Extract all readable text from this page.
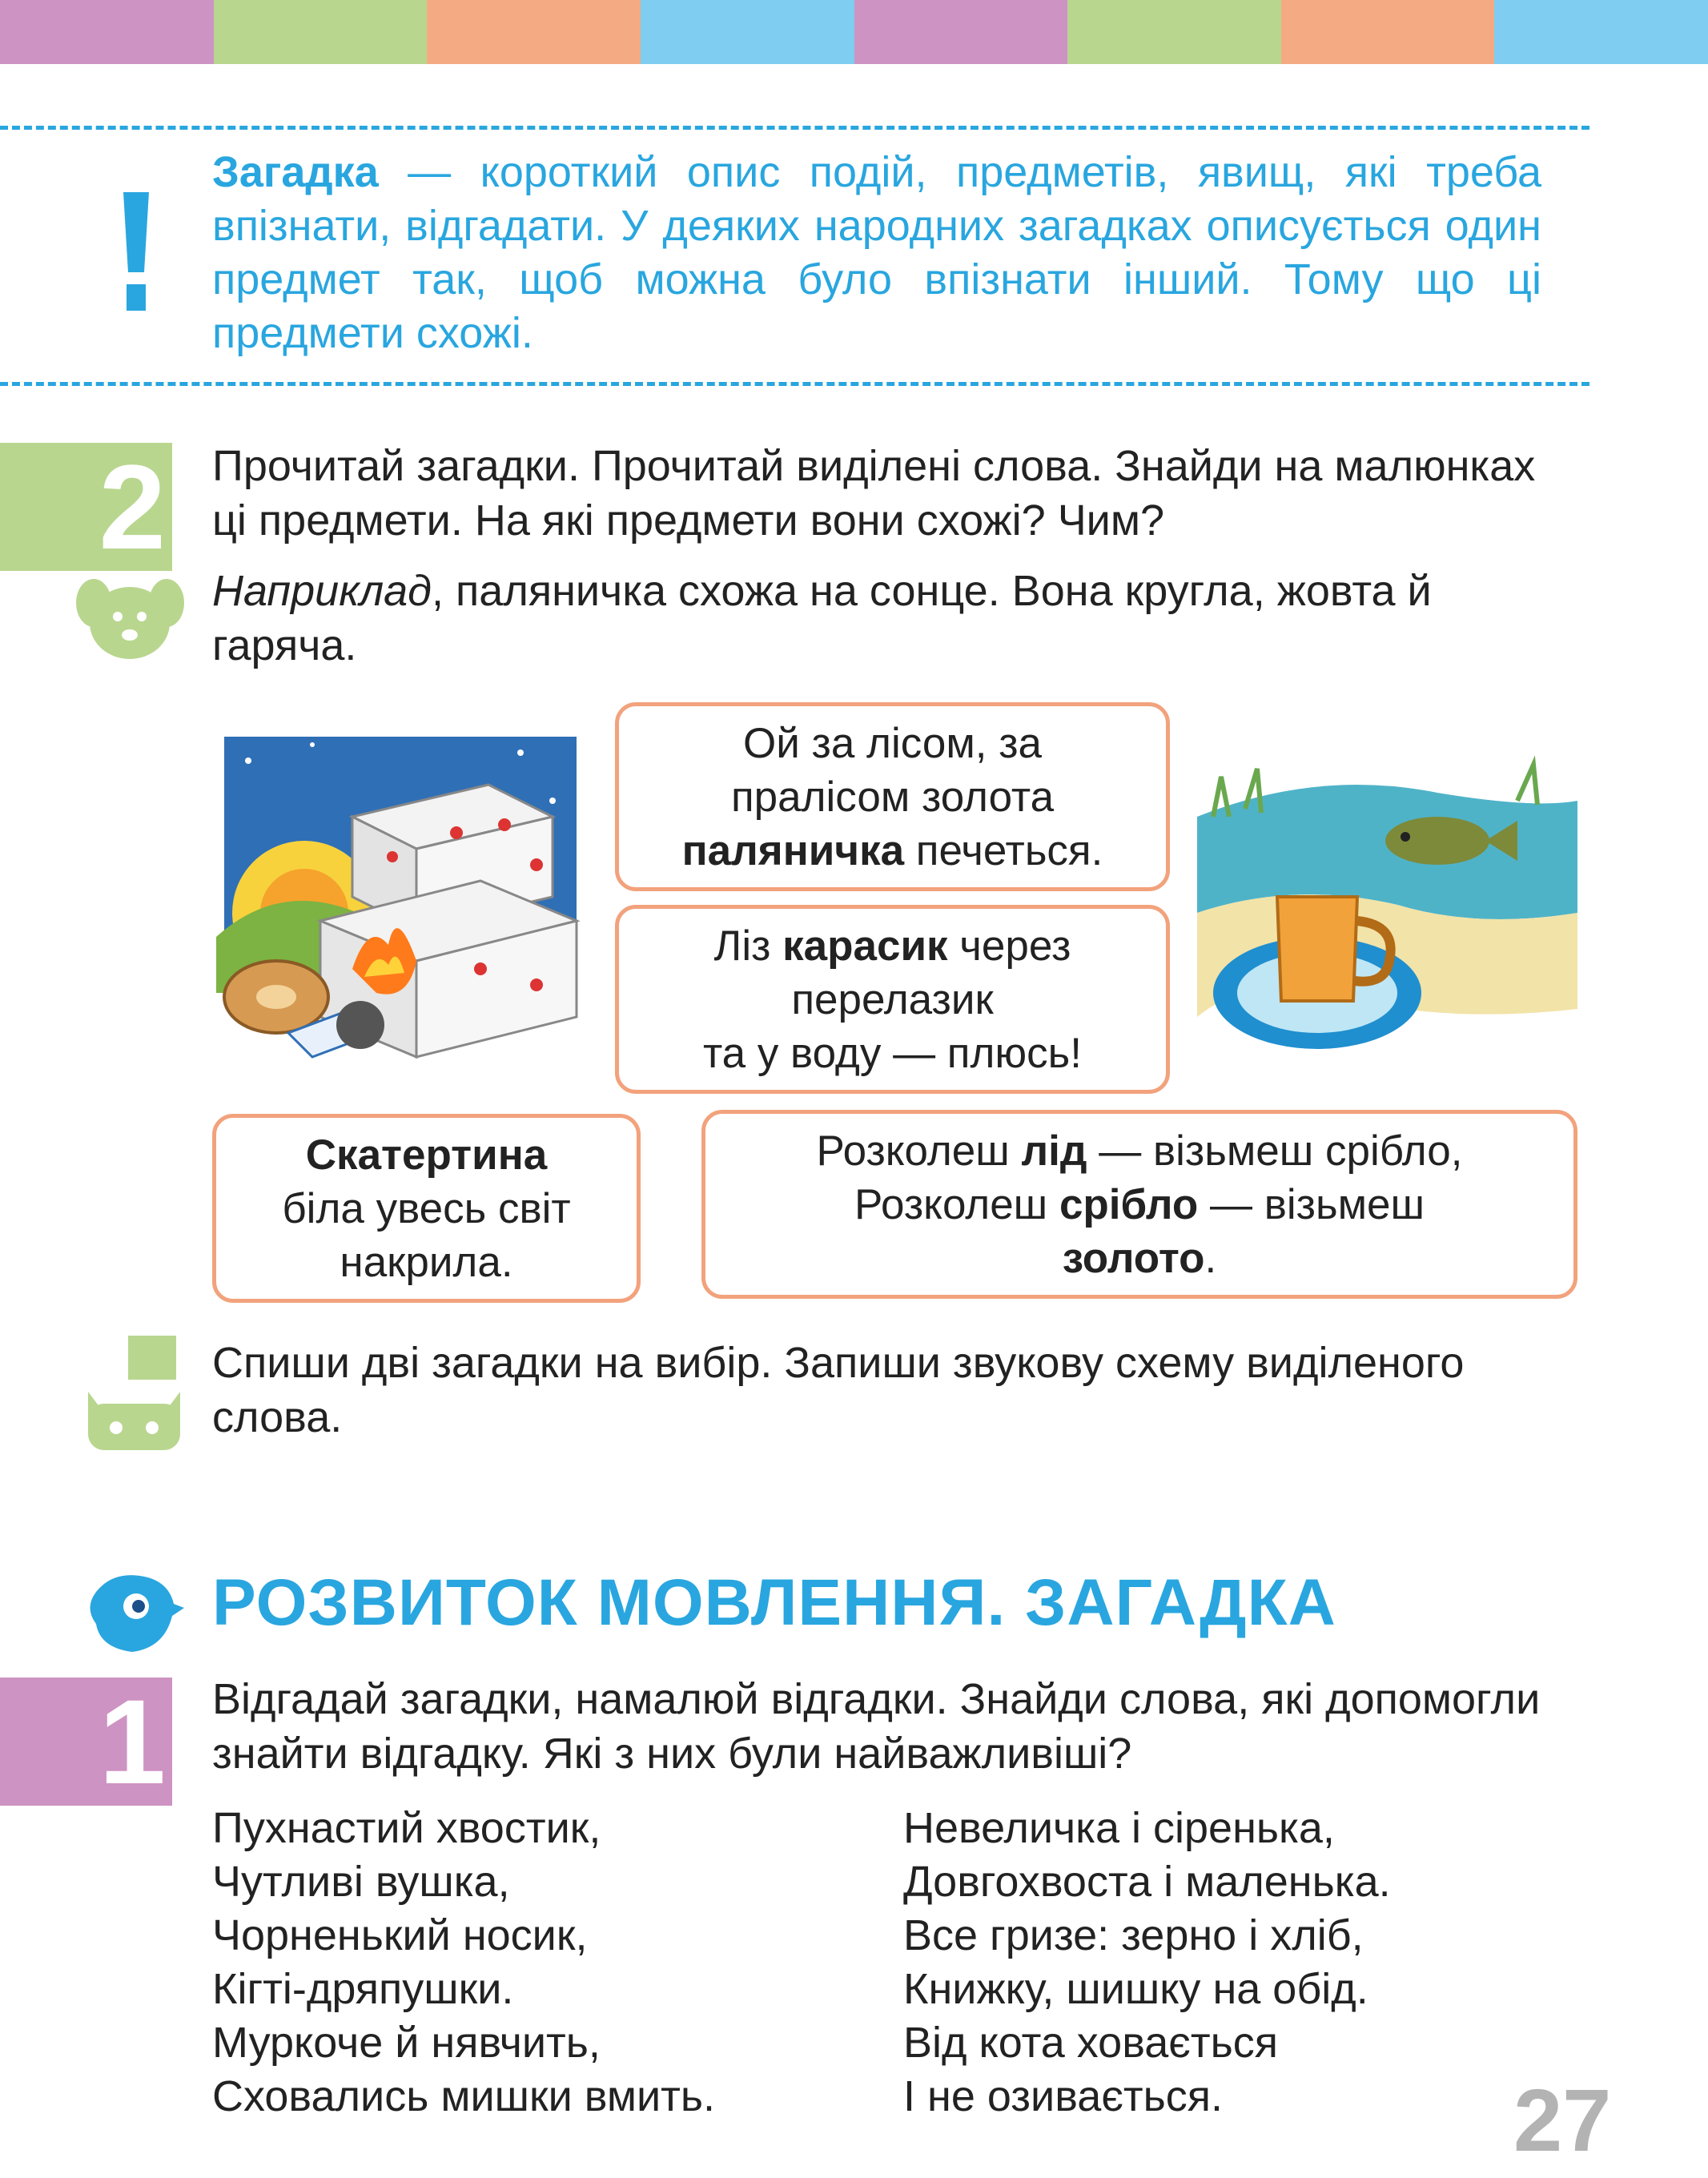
Загадка — короткий опис подій, предметів, явищ, які треба впізнати, відгадати. У деяких народних загадках описується один предмет так, щоб можна було впізнати інший. Тому що ці предмети схожі.

2 Прочитай загадки. Прочитай виділені слова. Знайди на малюнках ці предмети. На які предмети вони схожі? Чим?

Наприклад, паляничка схожа на сонце. Вона кругла, жовта й гаряча.

Ой за лісом, за пралісом золота
паляничка печеться.
Ліз карасик через перелазик
та у воду — плюсь!
Скатертина
біла увесь світ накрила.
Розколеш лід — візьмеш срібло,
Розколеш срібло — візьмеш
золото.

Спиши дві загадки на вибір. Запиши звукову схему виділеного слова.

РОЗВИТОК МОВЛЕННЯ. ЗАГАДКА
1 Відгадай загадки, намалюй відгадки. Знайди слова, які допомогли знайти відгадку. Які з них були найважливіші?

Пухнастий хвостик,
Чутливі вушка,
Чорненький носик,
Кігті-дряпушки.
Муркоче й нявчить,
Сховались мишки вмить.
Невеличка і сіренька,
Довгохвоста і маленька.
Все гризе: зерно і хліб,
Книжку, шишку на обід.
Від кота ховається
І не озивається.	27
